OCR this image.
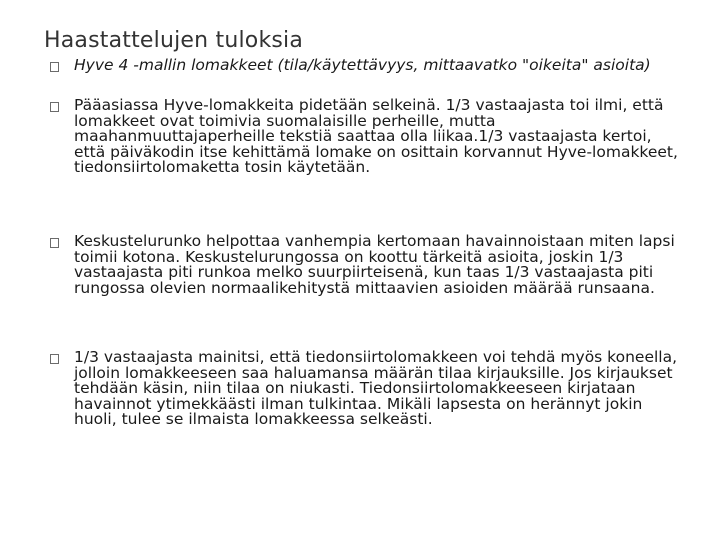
Haastattelujen tuloksia
Hyve 4 -mallin lomakkeet (tila/käytettävyys, mittaavatko "oikeita" asioita)
Pääasiassa Hyve-lomakkeita pidetään selkeinä. 1/3 vastaajasta toi ilmi, että lomakkeet ovat toimivia suomalaisille perheille, mutta maahanmuuttajaperheille tekstiä saattaa olla liikaa.1/3 vastaajasta kertoi, että päiväkodin itse kehittämä lomake on osittain korvannut Hyve-lomakkeet, tiedonsiirtolomaketta tosin käytetään.
Keskustelurunko helpottaa vanhempia kertomaan havainnoistaan miten lapsi toimii kotona. Keskustelurungossa on koottu tärkeitä asioita, joskin 1/3 vastaajasta piti runkoa melko suurpiirteisenä, kun taas 1/3 vastaajasta piti rungossa olevien normaalikehitystä mittaavien asioiden määrää runsaana.
1/3 vastaajasta mainitsi, että tiedonsiirtolomakkeen voi tehdä myös koneella, jolloin lomakkeeseen saa haluamansa määrän tilaa kirjauksille. Jos kirjaukset tehdään käsin, niin tilaa on niukasti. Tiedonsiirtolomakkeeseen kirjataan havainnot ytimekkäästi ilman tulkintaa. Mikäli lapsesta on herännyt jokin huoli, tulee se ilmaista lomakkeessa selkeästi.
